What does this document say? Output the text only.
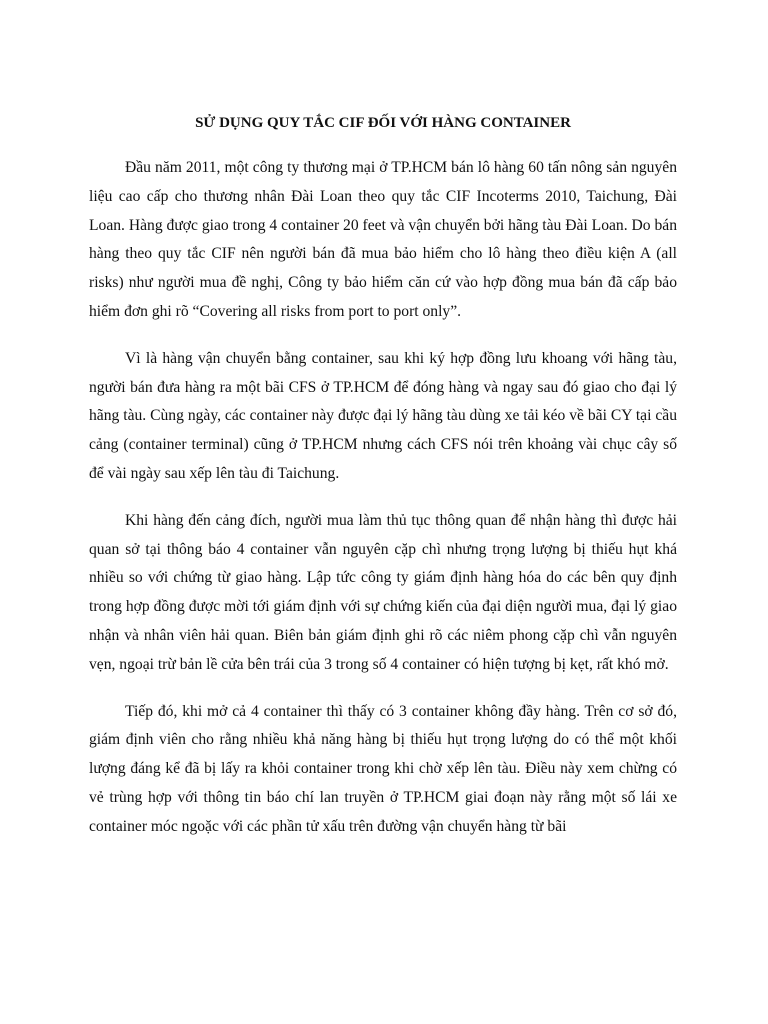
SỬ DỤNG QUY TẮC CIF ĐỐI VỚI HÀNG CONTAINER

Đầu năm 2011, một công ty thương mại ở TP.HCM bán lô hàng 60 tấn nông sản nguyên liệu cao cấp cho thương nhân Đài Loan theo quy tắc CIF Incoterms 2010, Taichung, Đài Loan. Hàng được giao trong 4 container 20 feet và vận chuyển bởi hãng tàu Đài Loan. Do bán hàng theo quy tắc CIF nên người bán đã mua bảo hiểm cho lô hàng theo điều kiện A (all risks) như người mua đề nghị, Công ty bảo hiểm căn cứ vào hợp đồng mua bán đã cấp bảo hiểm đơn ghi rõ “Covering all risks from port to port only”.

Vì là hàng vận chuyển bằng container, sau khi ký hợp đồng lưu khoang với hãng tàu, người bán đưa hàng ra một bãi CFS ở TP.HCM để đóng hàng và ngay sau đó giao cho đại lý hãng tàu. Cùng ngày, các container này được đại lý hãng tàu dùng xe tải kéo về bãi CY tại cầu cảng (container terminal) cũng ở TP.HCM nhưng cách CFS nói trên khoảng vài chục cây số để vài ngày sau xếp lên tàu đi Taichung.

Khi hàng đến cảng đích, người mua làm thủ tục thông quan để nhận hàng thì được hải quan sở tại thông báo 4 container vẫn nguyên cặp chì nhưng trọng lượng bị thiếu hụt khá nhiều so với chứng từ giao hàng. Lập tức công ty giám định hàng hóa do các bên quy định trong hợp đồng được mời tới giám định với sự chứng kiến của đại diện người mua, đại lý giao nhận và nhân viên hải quan. Biên bản giám định ghi rõ các niêm phong cặp chì vẫn nguyên vẹn, ngoại trừ bản lề cửa bên trái của 3 trong số 4 container có hiện tượng bị kẹt, rất khó mở.

Tiếp đó, khi mở cả 4 container thì thấy có 3 container không đầy hàng. Trên cơ sở đó, giám định viên cho rằng nhiều khả năng hàng bị thiếu hụt trọng lượng do có thể một khối lượng đáng kể đã bị lấy ra khỏi container trong khi chờ xếp lên tàu. Điều này xem chừng có vẻ trùng hợp với thông tin báo chí lan truyền ở TP.HCM giai đoạn này rằng một số lái xe container móc ngoặc với các phần tử xấu trên đường vận chuyển hàng từ bãi
